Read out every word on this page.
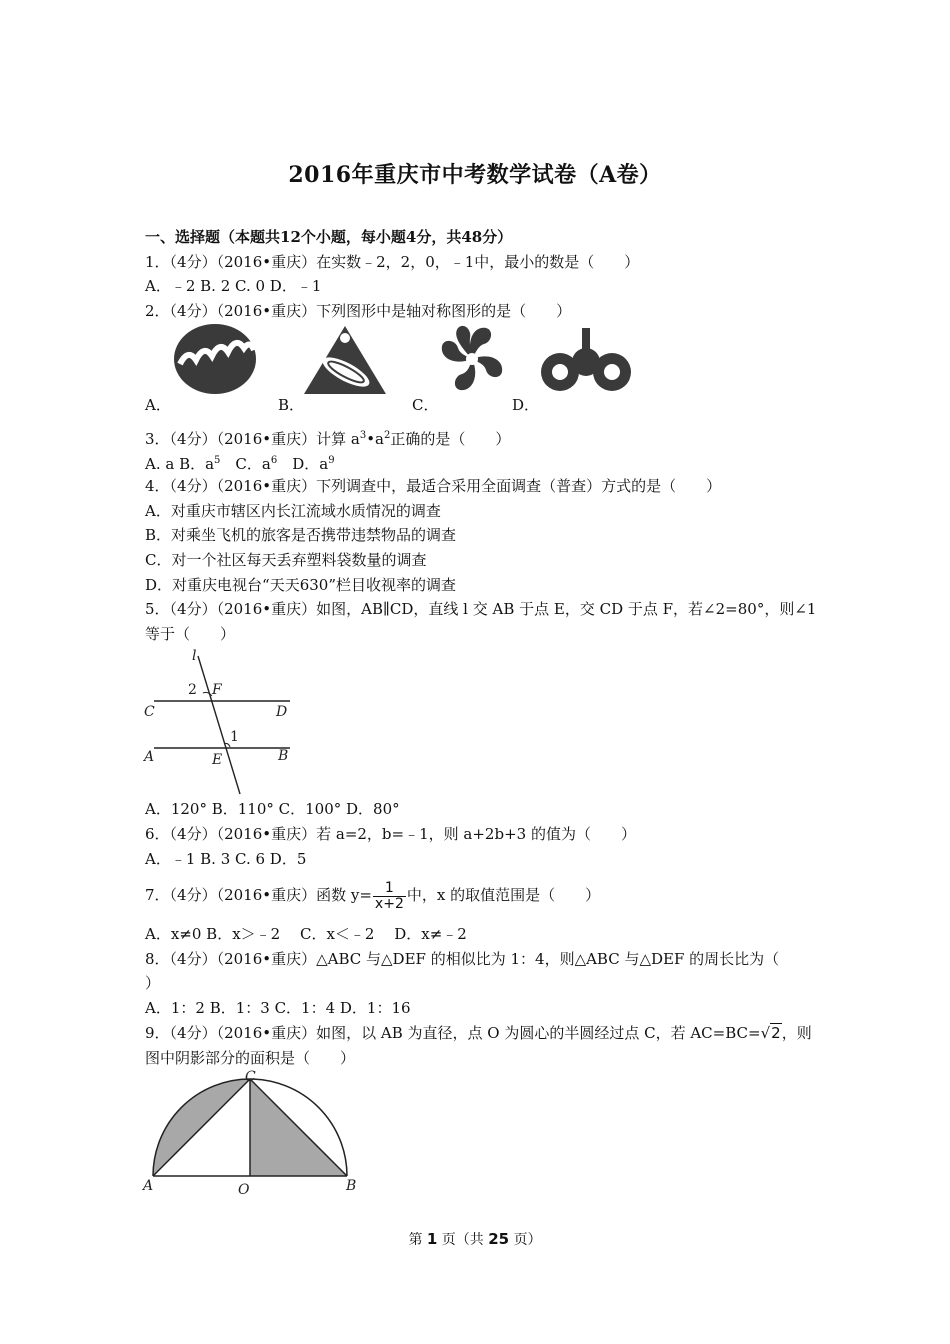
2016年重庆市中考数学试卷（A卷）
一、选择题（本题共12个小题，每小题4分，共48分）
1．（4分）（2016•重庆）在实数﹣2，2，0，﹣1中，最小的数是（　　）
A．﹣2 B. 2 C. 0 D．﹣1
2．（4分）（2016•重庆）下列图形中是轴对称图形的是（　　）
A．	B．	C．	D．
3．（4分）（2016•重庆）计算 $a^3•a^2$正确的是（　　）
A. a B．$a^5$　C．$a^6$　D．$a^9$
4．（4分）（2016•重庆）下列调查中，最适合采用全面调查（普查）方式的是（　　）
A．对重庆市辖区内长江流域水质情况的调查
B．对乘坐飞机的旅客是否携带违禁物品的调查
C．对一个社区每天丢弃塑料袋数量的调查
D．对重庆电视台“天天630”栏目收视率的调查
5．（4分）（2016•重庆）如图，AB∥CD，直线 l 交 AB 于点 E，交 CD 于点 F，若∠2=80°，则∠1
等于（　　）
l
2 F
C	D
1
A	E	B
A．120° B．110° C．100° D．80°
6．（4分）（2016•重庆）若 a=2，b=﹣1，则 a+2b+3 的值为（　　）
A．﹣1 B. 3 C. 6 D．5
7．（4分）（2016•重庆）函数 $y= \frac{1}{x+2}$ 中，x 的取值范围是（　　）
A．x≠0 B．x＞﹣2　 C．x＜﹣2　 D．x≠﹣2
8．（4分）（2016•重庆）△ABC 与△DEF 的相似比为 1：4，则△ABC 与△DEF 的周长比为（
）
A．1：2 B．1：3 C．1：4 D．1：16
9．（4分）（2016•重庆）如图，以 AB 为直径，点 O 为圆心的半圆经过点 C，若 AC=BC=√2，则
图中阴影部分的面积是（　　）
C
A	O	B
第 1 页（共 25 页）
